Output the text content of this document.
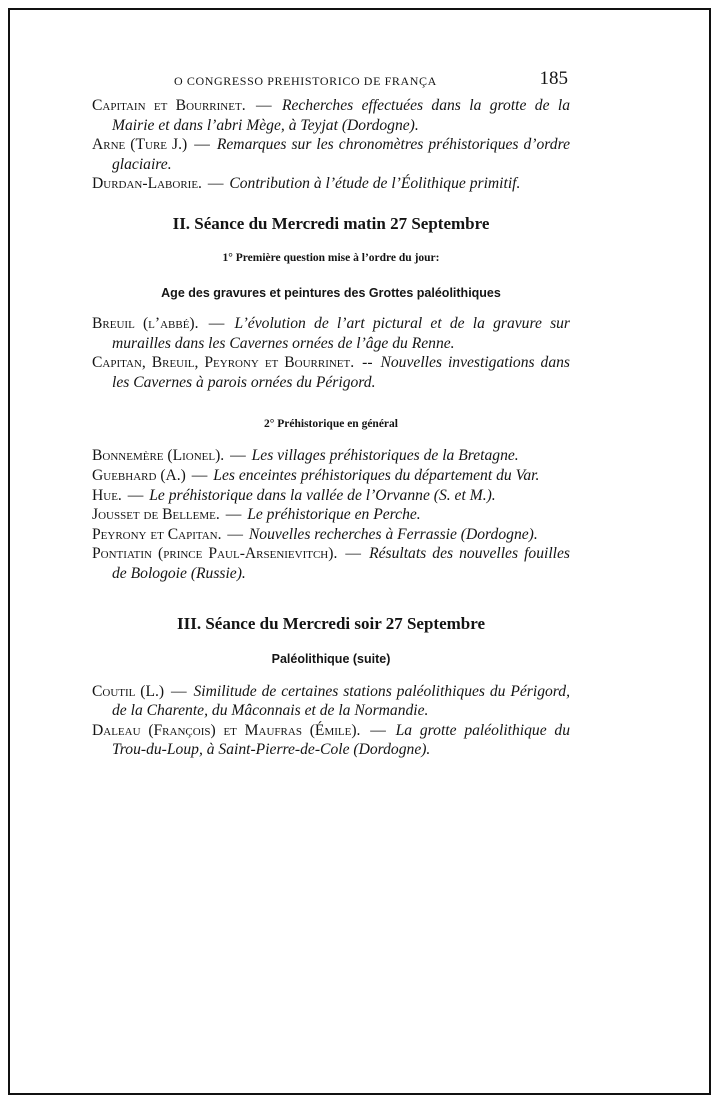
O CONGRESSO PREHISTORICO DE FRANÇA	185

Capitain et Bourrinet. — Recherches effectuées dans la grotte de la Mairie et dans l’abri Mège, à Teyjat (Dordogne).

Arne (Ture J.) — Remarques sur les chronomètres préhistoriques d’ordre glaciaire.

Durdan-Laborie. — Contribution à l’étude de l’Éolithique primitif.

II. Séance du Mercredi matin 27 Septembre
1° Première question mise à l’ordre du jour:
Age des gravures et peintures des Grottes paléolithiques

Breuil (l’abbé). — L’évolution de l’art pictural et de la gravure sur murailles dans les Cavernes ornées de l’âge du Renne.

Capitan, Breuil, Peyrony et Bourrinet. -- Nouvelles investigations dans les Cavernes à parois ornées du Périgord.

2° Préhistorique en général

Bonnemère (Lionel). — Les villages préhistoriques de la Bretagne.

Guebhard (A.) — Les enceintes préhistoriques du département du Var.

Hue. — Le préhistorique dans la vallée de l’Orvanne (S. et M.).

Jousset de Belleme. — Le préhistorique en Perche.

Peyrony et Capitan. — Nouvelles recherches à Ferrassie (Dordogne).

Pontiatin (prince Paul-Arsenievitch). — Résultats des nouvelles fouilles de Bologoie (Russie).

III. Séance du Mercredi soir 27 Septembre
Paléolithique (suite)

Coutil (L.) — Similitude de certaines stations paléolithiques du Périgord, de la Charente, du Mâconnais et de la Normandie.

Daleau (François) et Maufras (Émile). — La grotte paléolithique du Trou-du-Loup, à Saint-Pierre-de-Cole (Dordogne).
